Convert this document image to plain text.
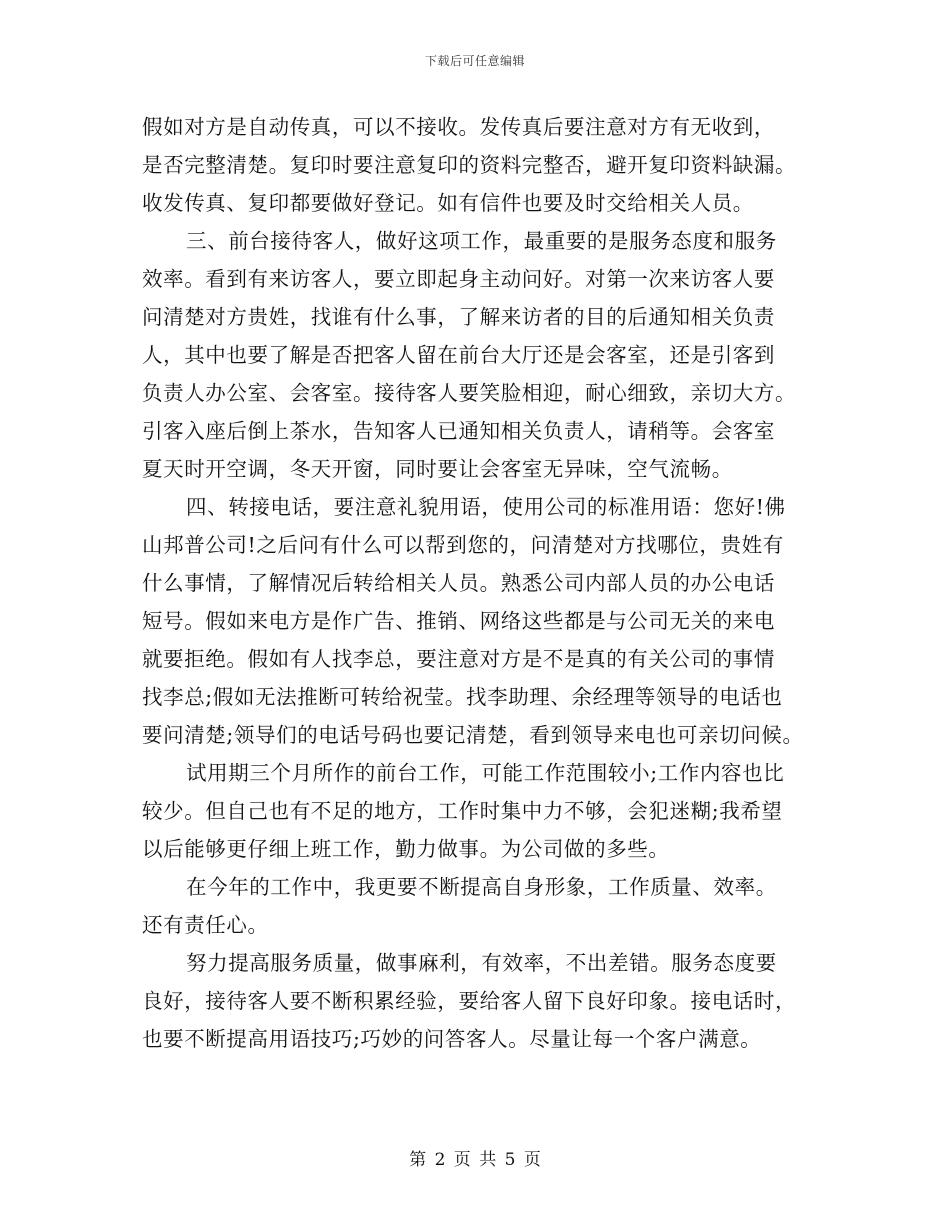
下载后可任意编辑
假如对方是自动传真，可以不接收。发传真后要注意对方有无收到，
是否完整清楚。复印时要注意复印的资料完整否，避开复印资料缺漏。
收发传真、复印都要做好登记。如有信件也要及时交给相关人员。
三、前台接待客人，做好这项工作，最重要的是服务态度和服务
效率。看到有来访客人，要立即起身主动问好。对第一次来访客人要
问清楚对方贵姓，找谁有什么事，了解来访者的目的后通知相关负责
人，其中也要了解是否把客人留在前台大厅还是会客室，还是引客到
负责人办公室、会客室。接待客人要笑脸相迎，耐心细致，亲切大方。
引客入座后倒上茶水，告知客人已通知相关负责人，请稍等。会客室
夏天时开空调，冬天开窗，同时要让会客室无异味，空气流畅。
四、转接电话，要注意礼貌用语，使用公司的标准用语：您好!佛
山邦普公司!之后问有什么可以帮到您的，问清楚对方找哪位，贵姓有
什么事情，了解情况后转给相关人员。熟悉公司内部人员的办公电话
短号。假如来电方是作广告、推销、网络这些都是与公司无关的来电
就要拒绝。假如有人找李总，要注意对方是不是真的有关公司的事情
找李总;假如无法推断可转给祝莹。找李助理、余经理等领导的电话也
要问清楚;领导们的电话号码也要记清楚，看到领导来电也可亲切问候。
试用期三个月所作的前台工作，可能工作范围较小;工作内容也比
较少。但自己也有不足的地方，工作时集中力不够，会犯迷糊;我希望
以后能够更仔细上班工作，勤力做事。为公司做的多些。
在今年的工作中，我更要不断提高自身形象，工作质量、效率。
还有责任心。
努力提高服务质量，做事麻利，有效率，不出差错。服务态度要
良好，接待客人要不断积累经验，要给客人留下良好印象。接电话时，
也要不断提高用语技巧;巧妙的问答客人。尽量让每一个客户满意。
第 2 页 共 5 页
